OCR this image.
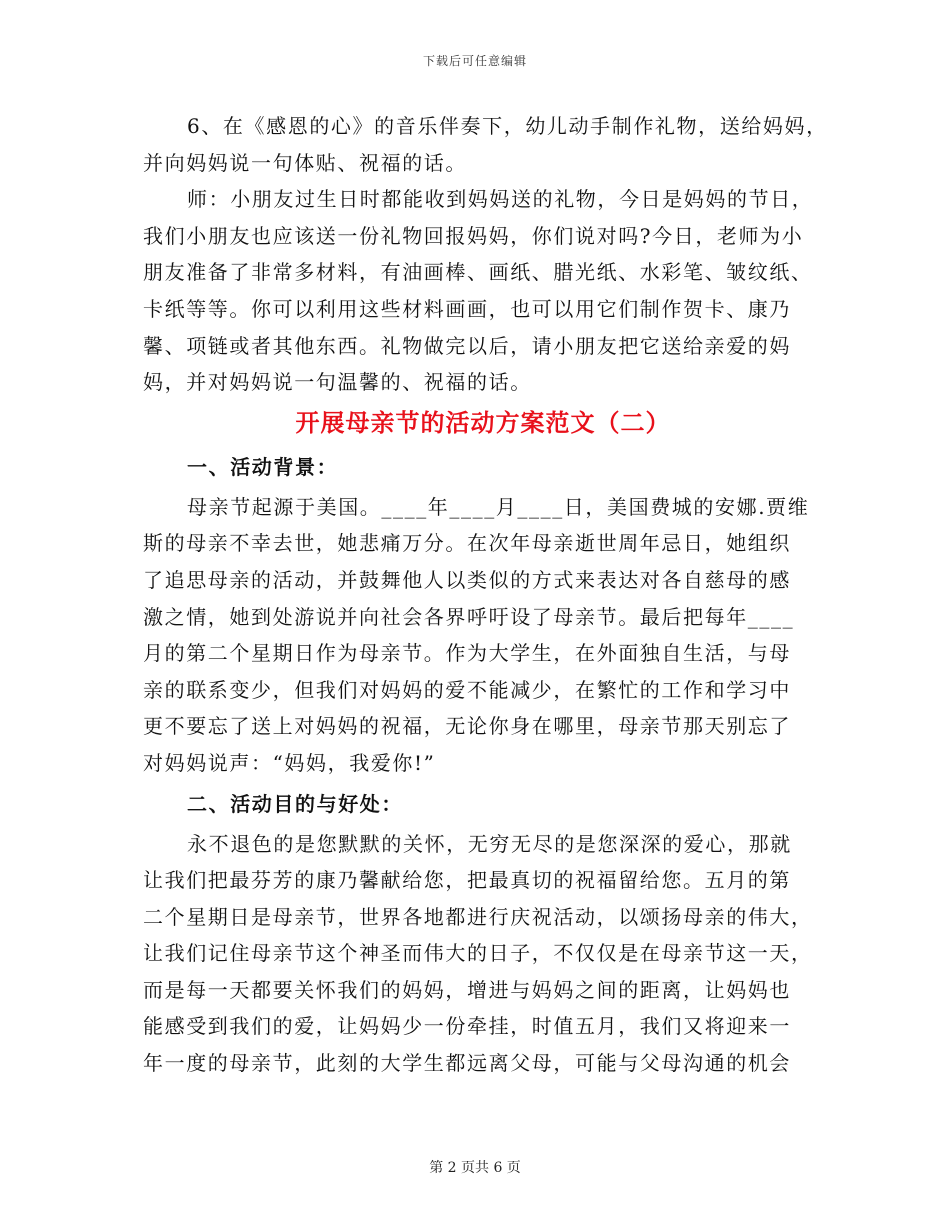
下载后可任意编辑
6、在《感恩的心》的音乐伴奏下，幼儿动手制作礼物，送给妈妈，
并向妈妈说一句体贴、祝福的话。
师：小朋友过生日时都能收到妈妈送的礼物，今日是妈妈的节日，
我们小朋友也应该送一份礼物回报妈妈，你们说对吗?今日，老师为小
朋友准备了非常多材料，有油画棒、画纸、腊光纸、水彩笔、皱纹纸、
卡纸等等。你可以利用这些材料画画，也可以用它们制作贺卡、康乃
馨、项链或者其他东西。礼物做完以后，请小朋友把它送给亲爱的妈
妈，并对妈妈说一句温馨的、祝福的话。
开展母亲节的活动方案范文（二）
一、活动背景：
母亲节起源于美国。____年____月____日，美国费城的安娜.贾维
斯的母亲不幸去世，她悲痛万分。在次年母亲逝世周年忌日，她组织
了追思母亲的活动，并鼓舞他人以类似的方式来表达对各自慈母的感
激之情，她到处游说并向社会各界呼吁设了母亲节。最后把每年____
月的第二个星期日作为母亲节。作为大学生，在外面独自生活，与母
亲的联系变少，但我们对妈妈的爱不能减少，在繁忙的工作和学习中
更不要忘了送上对妈妈的祝福，无论你身在哪里，母亲节那天别忘了
对妈妈说声：“妈妈，我爱你!”
二、活动目的与好处：
永不退色的是您默默的关怀，无穷无尽的是您深深的爱心，那就
让我们把最芬芳的康乃馨献给您，把最真切的祝福留给您。五月的第
二个星期日是母亲节，世界各地都进行庆祝活动，以颂扬母亲的伟大，
让我们记住母亲节这个神圣而伟大的日子，不仅仅是在母亲节这一天，
而是每一天都要关怀我们的妈妈，增进与妈妈之间的距离，让妈妈也
能感受到我们的爱，让妈妈少一份牵挂，时值五月，我们又将迎来一
年一度的母亲节，此刻的大学生都远离父母，可能与父母沟通的机会
第 2 页共 6 页
